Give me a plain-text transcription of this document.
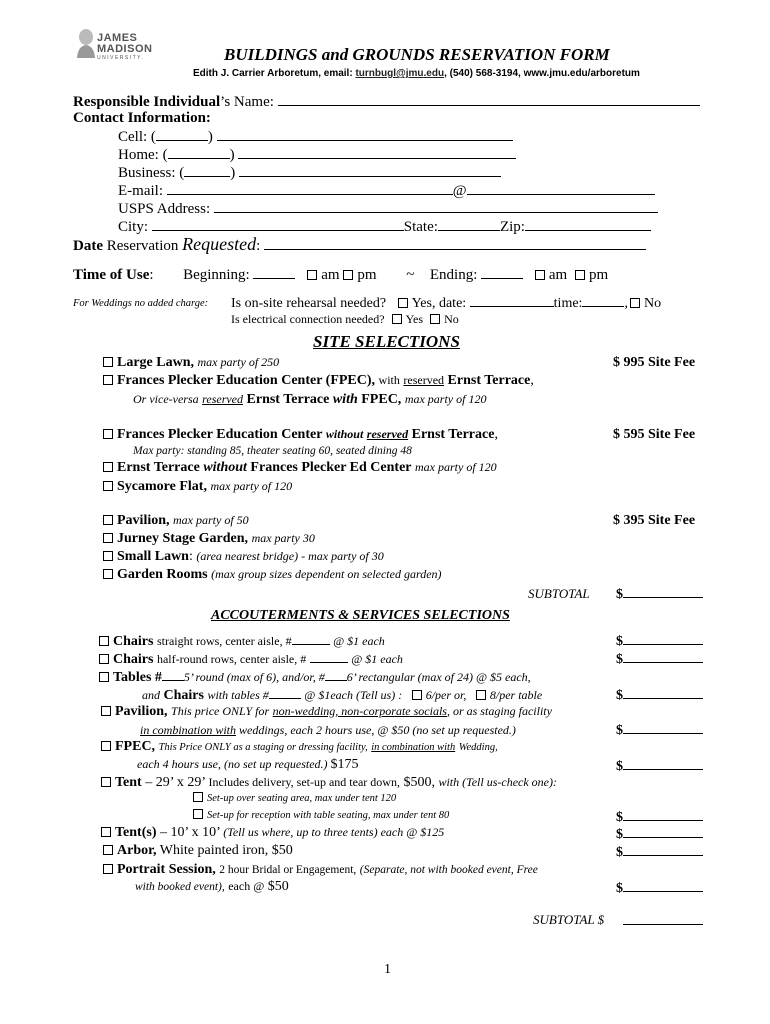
JAMES
MADISON
UNIVERSITY.	BUILDINGS and GROUNDS RESERVATION FORM
Edith J. Carrier Arboretum, email: turnbugl@jmu.edu, (540) 568-3194, www.jmu.edu/arboretum
Responsible Individual’s Name:
Contact Information:
Cell: (	)
Home: (	)
Business: (	)
E-mail:	@
USPS Address:
City:	State:	Zip:
Date Reservation Requested:
Time of Use:  Beginning:	am pm ~ Ending:	am pm
For Weddings no added charge: Is on-site rehearsal needed? Yes, date:	time:	, No
Is electrical connection needed? Yes No
SITE SELECTIONS
Large Lawn, max party of 250	$ 995 Site Fee
Frances Plecker Education Center (FPEC), with reserved Ernst Terrace,
Or vice-versa reserved Ernst Terrace with FPEC, max party of 120
Frances Plecker Education Center without reserved Ernst Terrace,	$ 595 Site Fee
Max party: standing 85, theater seating 60, seated dining 48
Ernst Terrace without Frances Plecker Ed Center max party of 120
Sycamore Flat, max party of 120
Pavilion, max party of 50	$ 395 Site Fee
Jurney Stage Garden, max party 30
Small Lawn: (area nearest bridge) - max party of 30
Garden Rooms (max group sizes dependent on selected garden)
SUBTOTAL $
ACCOUTERMENTS & SERVICES SELECTIONS
Chairs straight rows, center aisle, #	@ $1 each	$
Chairs half-round rows, center aisle, #	@ $1 each	$
Tables # 5’ round (max of 6), and/or, # 6’ rectangular (max of 24) @ $5 each,
and Chairs with tables #	@ $1each (Tell us) : 6/per or, 8/per table	$
Pavilion, This price ONLY for non-wedding, non-corporate socials, or as staging facility
in combination with weddings, each 2 hours use, @ $50 (no set up requested.)	$
FPEC, This Price ONLY as a staging or dressing facility, in combination with Wedding,
each 4 hours use, (no set up requested.) $175	$
Tent – 29’ x 29’ Includes delivery, set-up and tear down, $500, with (Tell us-check one):
Set-up over seating area, max under tent 120
Set-up for reception with table seating, max under tent 80	$
Tent(s) – 10’ x 10’ (Tell us where, up to three tents) each @ $125	$
Arbor, White painted iron, $50	$
Portrait Session, 2 hour Bridal or Engagement, (Separate, not with booked event, Free
with booked event), each @ $50	$
SUBTOTAL $
1
